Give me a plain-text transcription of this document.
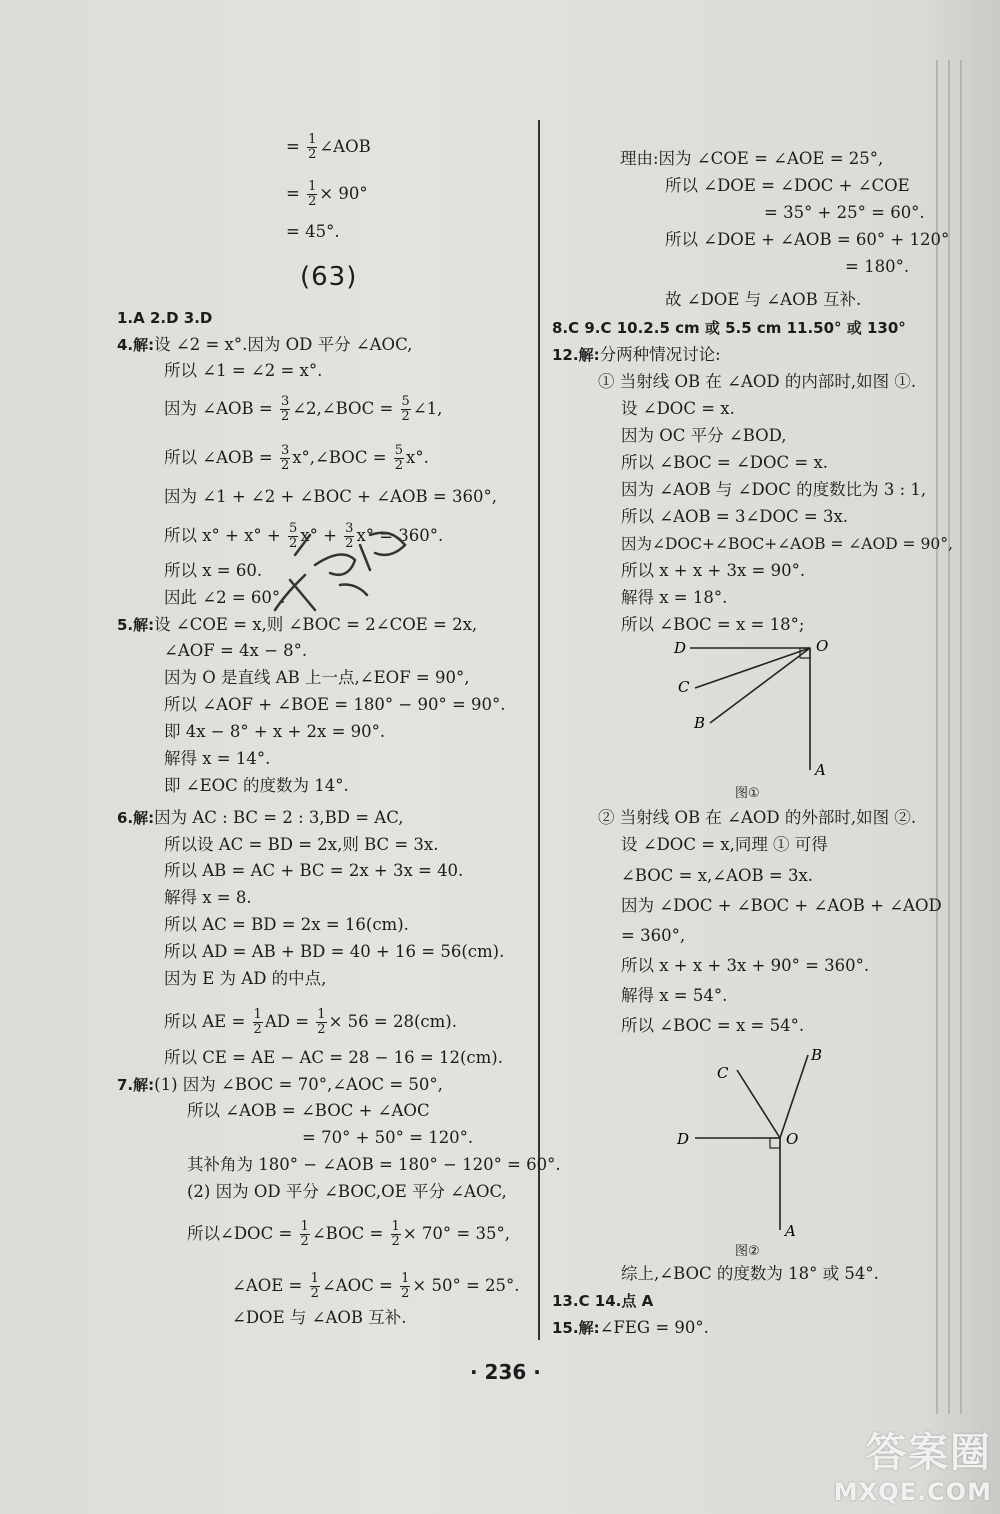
= $\frac{1}{2}$ ∠AOB
= $\frac{1}{2} \times 90^\circ$
= 45°.
(63)
1.A 2.D 3.D
4.解:设 ∠2 = x°.因为 OD 平分 ∠AOC,
所以 ∠1 = ∠2 = x°.
因为 ∠AOB = $\frac{3}{2}$ ∠2,∠BOC = $\frac{5}{2}$ ∠1,
所以 ∠AOB = $\frac{3}{2}$ x°,∠BOC = $\frac{5}{2} x^\circ$.
因为 ∠1 + ∠2 + ∠BOC + ∠AOB = 360°,
所以 $x^\circ + x^\circ + \frac{5}{2} x^\circ + \frac{3}{2} x^\circ = 360^\circ$.
所以 x = 60.
因此 ∠2 = 60°.
5.解:设 ∠COE = x,则 ∠BOC = 2∠COE = 2x,
∠AOF = 4x − 8°.
因为 O 是直线 AB 上一点,∠EOF = 90°,
所以 ∠AOF + ∠BOE = 180° − 90° = 90°.
即 4x − 8° + x + 2x = 90°.
解得 x = 14°.
即 ∠EOC 的度数为 14°.
6.解:因为 AC : BC = 2 : 3,BD = AC,
所以设 AC = BD = 2x,则 BC = 3x.
所以 AB = AC + BC = 2x + 3x = 40.
解得 x = 8.
所以 AC = BD = 2x = 16(cm).
所以 AD = AB + BD = 40 + 16 = 56(cm).
因为 E 为 AD 的中点,
所以 AE = $\frac{1}{2}$ AD = $\frac{1}{2} \times 56 = 28(cm)$.
所以 CE = AE − AC = 28 − 16 = 12(cm).
7.解:(1) 因为 ∠BOC = 70°,∠AOC = 50°,
所以 ∠AOB = ∠BOC + ∠AOC
= 70° + 50° = 120°.
其补角为 180° − ∠AOB = 180° − 120° = 60°.
(2) 因为 OD 平分 ∠BOC,OE 平分 ∠AOC,
所以∠DOC = $\frac{1}{2}$ ∠BOC = $\frac{1}{2} \times 70^\circ = 35^\circ$,
∠AOE = $\frac{1}{2}$ ∠AOC = $\frac{1}{2} \times 50^\circ = 25^\circ$.
∠DOE 与 ∠AOB 互补.
理由:因为 ∠COE = ∠AOE = 25°,
所以 ∠DOE = ∠DOC + ∠COE
= 35° + 25° = 60°.
所以 ∠DOE + ∠AOB = 60° + 120°
= 180°.
故 ∠DOE 与 ∠AOB 互补.
8.C 9.C 10.2.5 cm 或 5.5 cm 11.50° 或 130°
12.解:分两种情况讨论:
① 当射线 OB 在 ∠AOD 的内部时,如图 ①.
设 ∠DOC = x.
因为 OC 平分 ∠BOD,
所以 ∠BOC = ∠DOC = x.
因为 ∠AOB 与 ∠DOC 的度数比为 3 : 1,
所以 ∠AOB = 3∠DOC = 3x.
因为∠DOC+∠BOC+∠AOB = ∠AOD = 90°,
所以 x + x + 3x = 90°.
解得 x = 18°.
所以 ∠BOC = x = 18°;
D	O
C
B
A
图①
② 当射线 OB 在 ∠AOD 的外部时,如图 ②.
设 ∠DOC = x,同理 ① 可得
∠BOC = x,∠AOB = 3x.
因为 ∠DOC + ∠BOC + ∠AOB + ∠AOD
= 360°,
所以 x + x + 3x + 90° = 360°.
解得 x = 54°.
所以 ∠BOC = x = 54°.
D	O
C
B
A
图②
综上,∠BOC 的度数为 18° 或 54°.
13.C 14.点 A
15.解:∠FEG = 90°.
· 236 ·
答案圈
MXQE.COM
